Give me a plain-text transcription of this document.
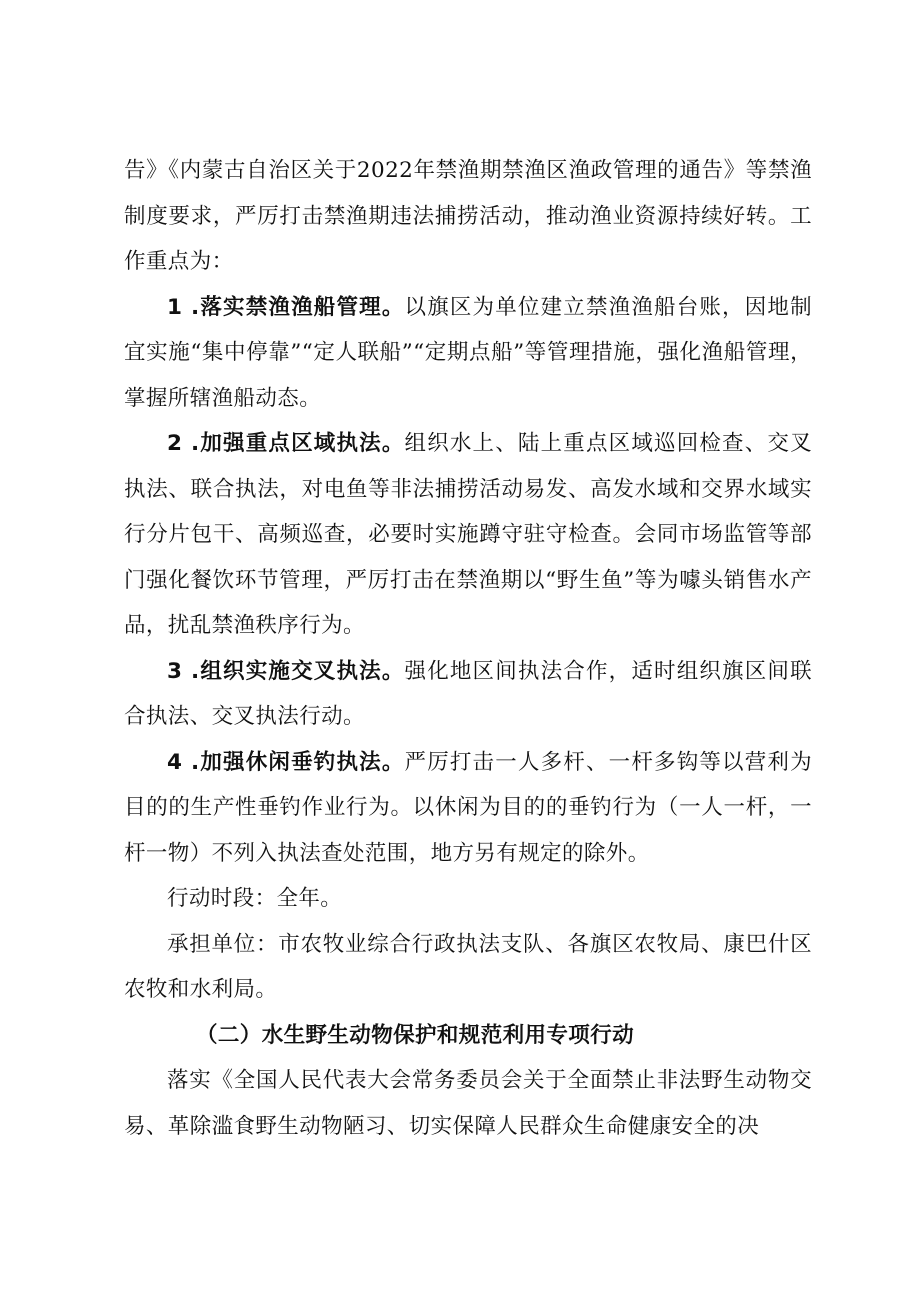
告》《内蒙古自治区关于2022年禁渔期禁渔区渔政管理的通告》等禁渔制度要求，严厉打击禁渔期违法捕捞活动，推动渔业资源持续好转。工作重点为：

1 .落实禁渔渔船管理。以旗区为单位建立禁渔渔船台账，因地制宜实施“集中停靠”“定人联船”“定期点船”等管理措施，强化渔船管理，掌握所辖渔船动态。

2 .加强重点区域执法。组织水上、陆上重点区域巡回检查、交叉执法、联合执法，对电鱼等非法捕捞活动易发、高发水域和交界水域实行分片包干、高频巡查，必要时实施蹲守驻守检查。会同市场监管等部门强化餐饮环节管理，严厉打击在禁渔期以“野生鱼”等为噱头销售水产品，扰乱禁渔秩序行为。

3 .组织实施交叉执法。强化地区间执法合作，适时组织旗区间联合执法、交叉执法行动。

4 .加强休闲垂钓执法。严厉打击一人多杆、一杆多钩等以营利为目的的生产性垂钓作业行为。以休闲为目的的垂钓行为（一人一杆，一杆一物）不列入执法查处范围，地方另有规定的除外。

行动时段：全年。

承担单位：市农牧业综合行政执法支队、各旗区农牧局、康巴什区农牧和水利局。

（二）水生野生动物保护和规范利用专项行动

落实《全国人民代表大会常务委员会关于全面禁止非法野生动物交易、革除滥食野生动物陋习、切实保障人民群众生命健康安全的决
